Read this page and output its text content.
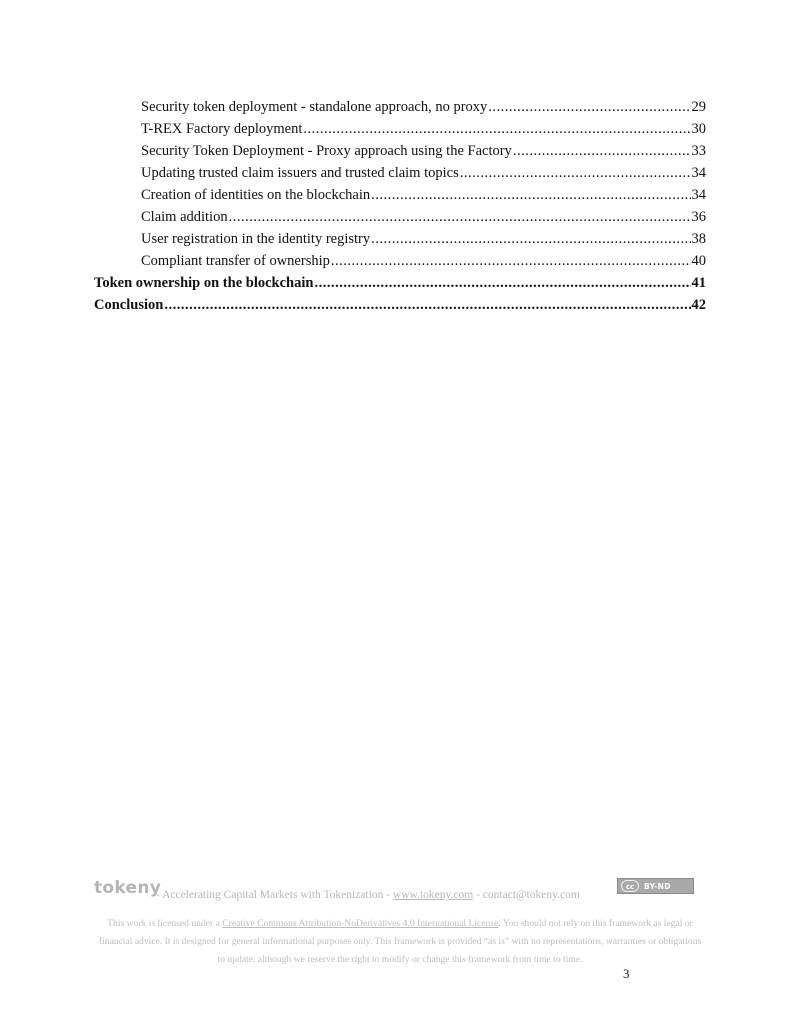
Security token deployment - standalone approach, no proxy .....	29
T-REX Factory deployment .....	30
Security Token Deployment - Proxy approach using the Factory .....	33
Updating trusted claim issuers and trusted claim topics .....	34
Creation of identities on the blockchain .....	34
Claim addition .....	36
User registration in the identity registry .....	38
Compliant transfer of ownership .....	40
Token ownership on the blockchain .....	41
Conclusion .....	42
tokeny
- Accelerating Capital Markets with Tokenization - www.tokeny.com - contact@tokeny.com
cc	BY-ND
This work is licensed under a Creative Commons Attribution-NoDerivatives 4.0 International License. You should not rely on this framework as legal or financial advice. It is designed for general informational purposes only. This framework is provided “as is” with no representations, warranties or obligations to update, although we reserve the right to modify or change this framework from time to time.
3
